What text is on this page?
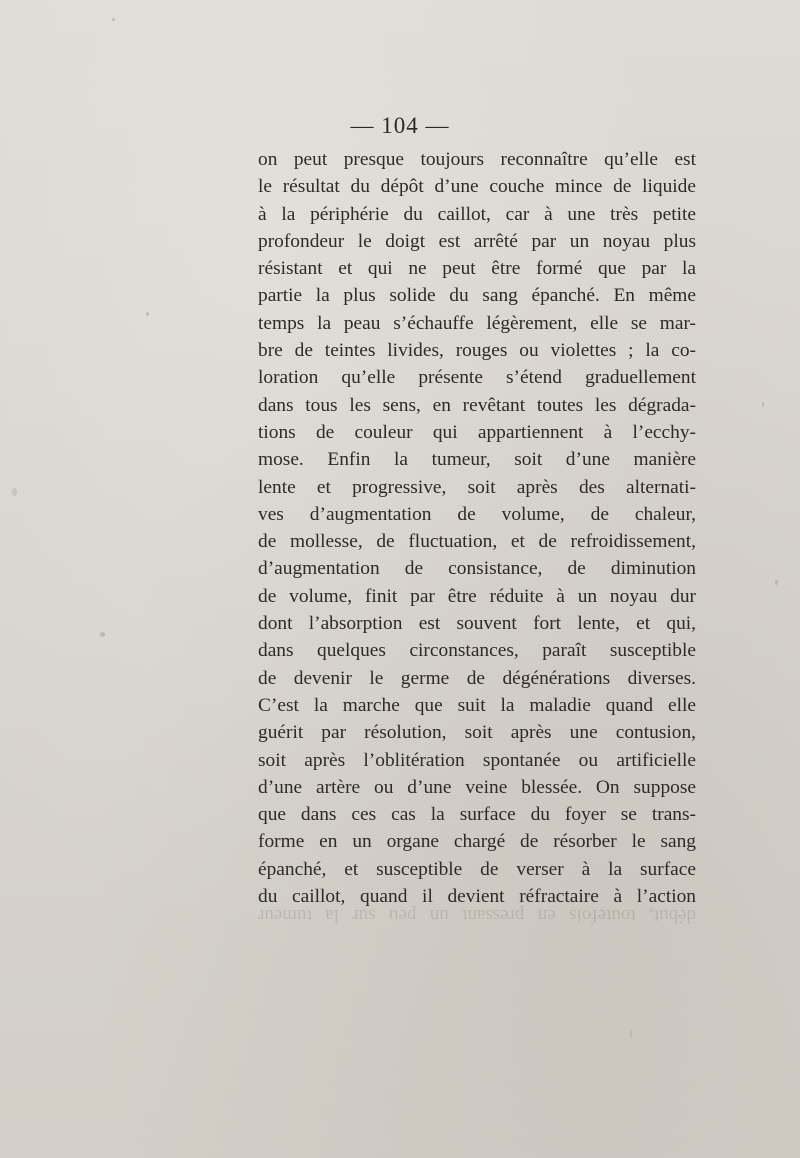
— 104 —
on peut presque toujours reconnaître qu’elle est
le résultat du dépôt d’une couche mince de liquide
à la périphérie du caillot, car à une très petite
profondeur le doigt est arrêté par un noyau plus
résistant et qui ne peut être formé que par la
partie la plus solide du sang épanché. En même
temps la peau s’échauffe légèrement, elle se mar-
bre de teintes livides, rouges ou violettes ; la co-
loration qu’elle présente s’étend graduellement
dans tous les sens, en revêtant toutes les dégrada-
tions de couleur qui appartiennent à l’ecchy-
mose. Enfin la tumeur, soit d’une manière
lente et progressive, soit après des alternati-
ves d’augmentation de volume, de chaleur,
de mollesse, de fluctuation, et de refroidissement,
d’augmentation de consistance, de diminution
de volume, finit par être réduite à un noyau dur
dont l’absorption est souvent fort lente, et qui,
dans quelques circonstances, paraît susceptible
de devenir le germe de dégénérations diverses.
C’est la marche que suit la maladie quand elle
guérit par résolution, soit après une contusion,
soit après l’oblitération spontanée ou artificielle
d’une artère ou d’une veine blessée. On suppose
que dans ces cas la surface du foyer se trans-
forme en un organe chargé de résorber le sang
épanché, et susceptible de verser à la surface
du caillot, quand il devient réfractaire à l’action
début, toutefois en pressant un peu sur la tumeur
